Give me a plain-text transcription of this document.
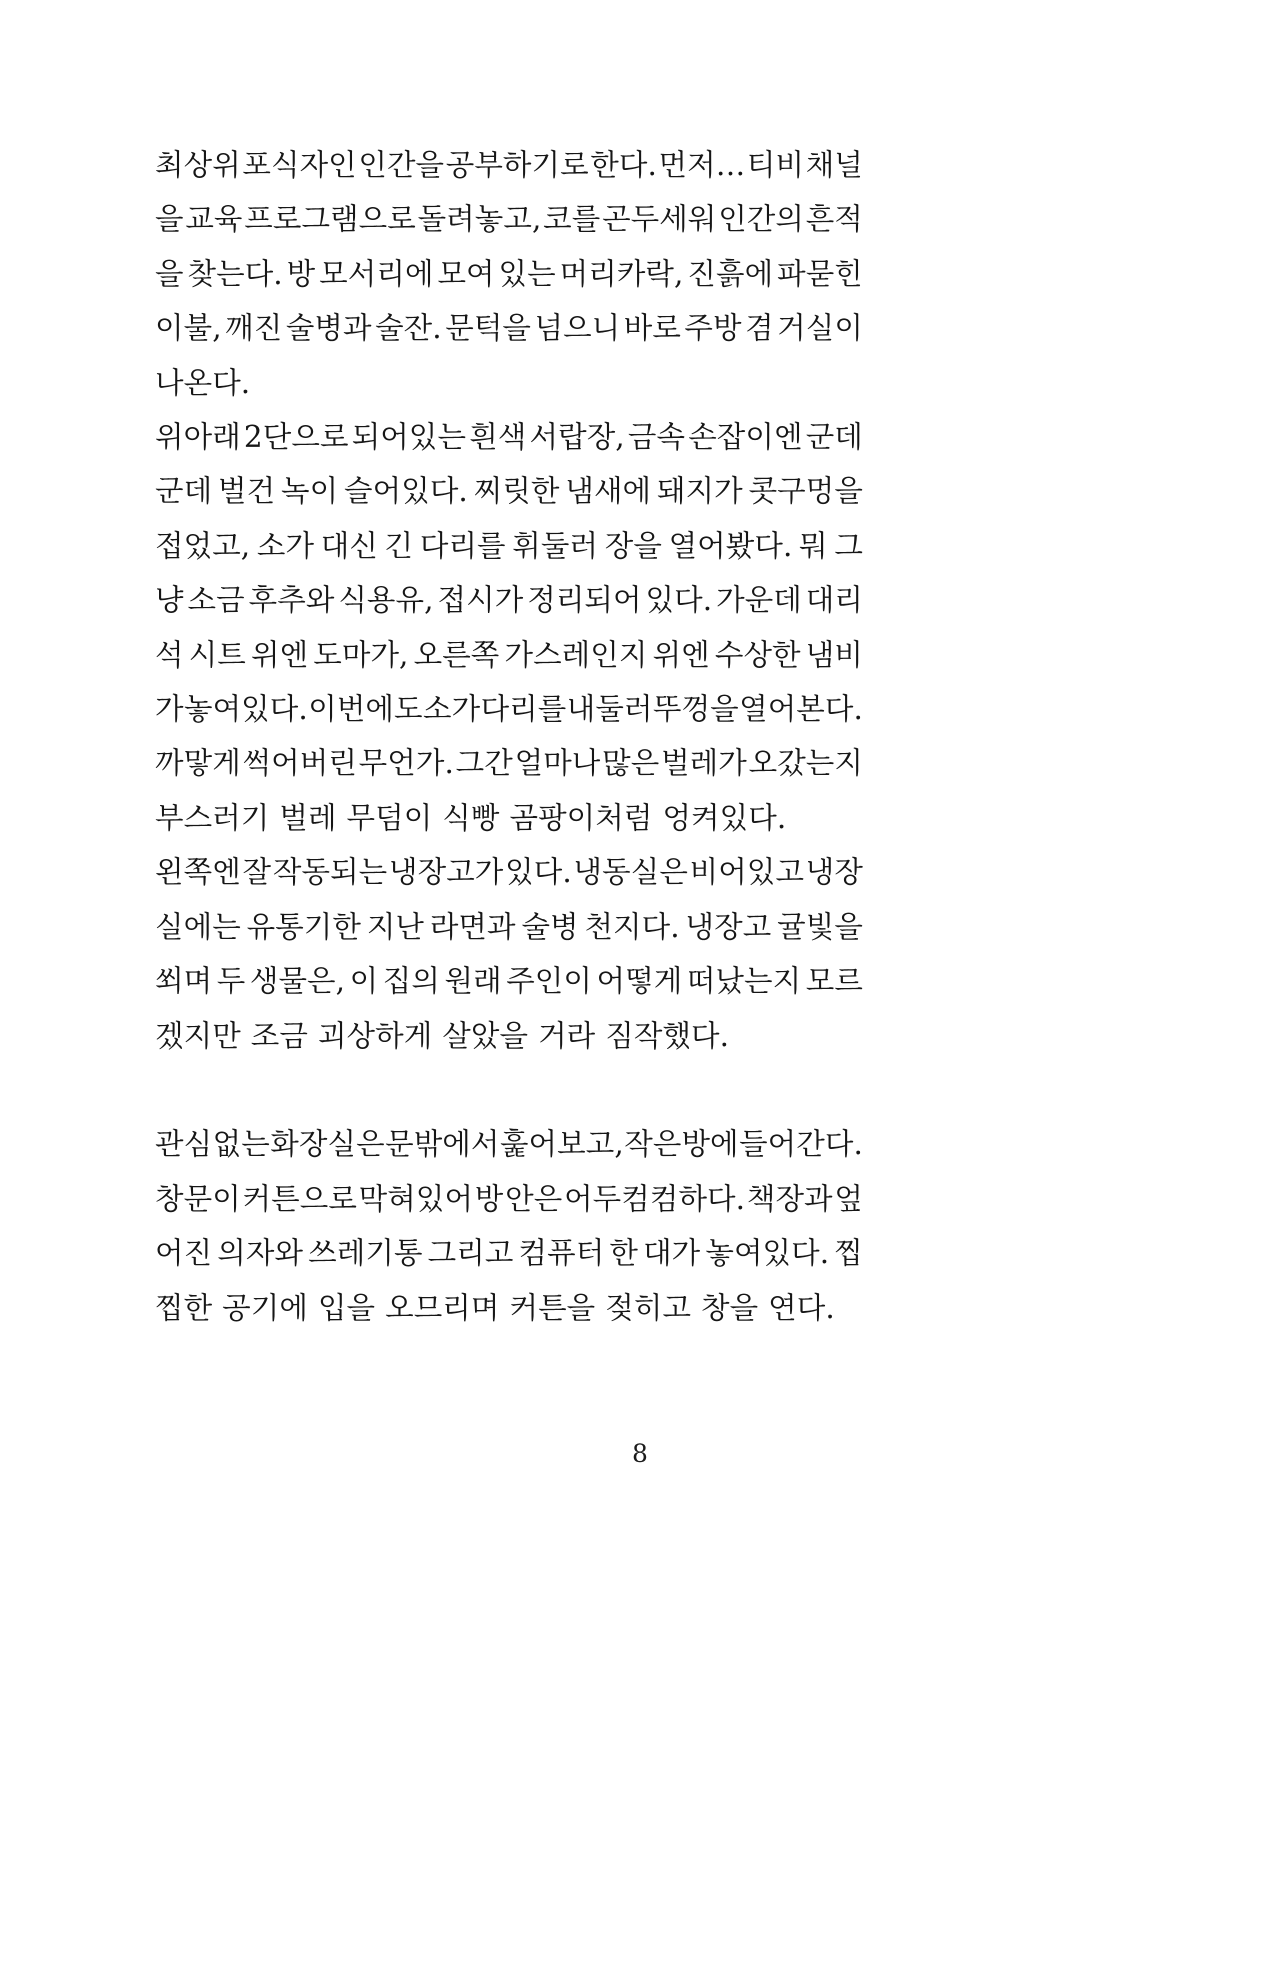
최상위 포식자인 인간을 공부하기로 한다. 먼저… 티비 채널
을 교육 프로그램으로 돌려놓고, 코를 곤두세워 인간의 흔적
을 찾는다. 방 모서리에 모여 있는 머리카락, 진흙에 파묻힌
이불, 깨진 술병과 술잔. 문턱을 넘으니 바로 주방 겸 거실이
나온다.
위아래 2단으로 되어있는 흰색 서랍장, 금속 손잡이엔 군데
군데 벌건 녹이 슬어있다. 찌릿한 냄새에 돼지가 콧구멍을
접었고, 소가 대신 긴 다리를 휘둘러 장을 열어봤다. 뭐 그
냥 소금 후추와 식용유, 접시가 정리되어 있다. 가운데 대리
석 시트 위엔 도마가, 오른쪽 가스레인지 위엔 수상한 냄비
가 놓여있다. 이번에도 소가 다리를 내둘러 뚜껑을 열어본다.
까맣게 썩어버린 무언가. 그간 얼마나 많은 벌레가 오갔는지
부스러기 벌레 무덤이 식빵 곰팡이처럼 엉켜있다.
왼쪽엔 잘 작동되는 냉장고가 있다. 냉동실은 비어있고 냉장
실에는 유통기한 지난 라면과 술병 천지다. 냉장고 귤빛을
쐬며 두 생물은, 이 집의 원래 주인이 어떻게 떠났는지 모르
겠지만 조금 괴상하게 살았을 거라 짐작했다.
관심 없는 화장실은 문밖에서 훑어보고, 작은방에 들어간다.
창문이 커튼으로 막혀있어 방 안은 어두컴컴하다. 책장과 엎
어진 의자와 쓰레기통 그리고 컴퓨터 한 대가 놓여있다. 찝
찝한 공기에 입을 오므리며 커튼을 젖히고 창을 연다.
8
